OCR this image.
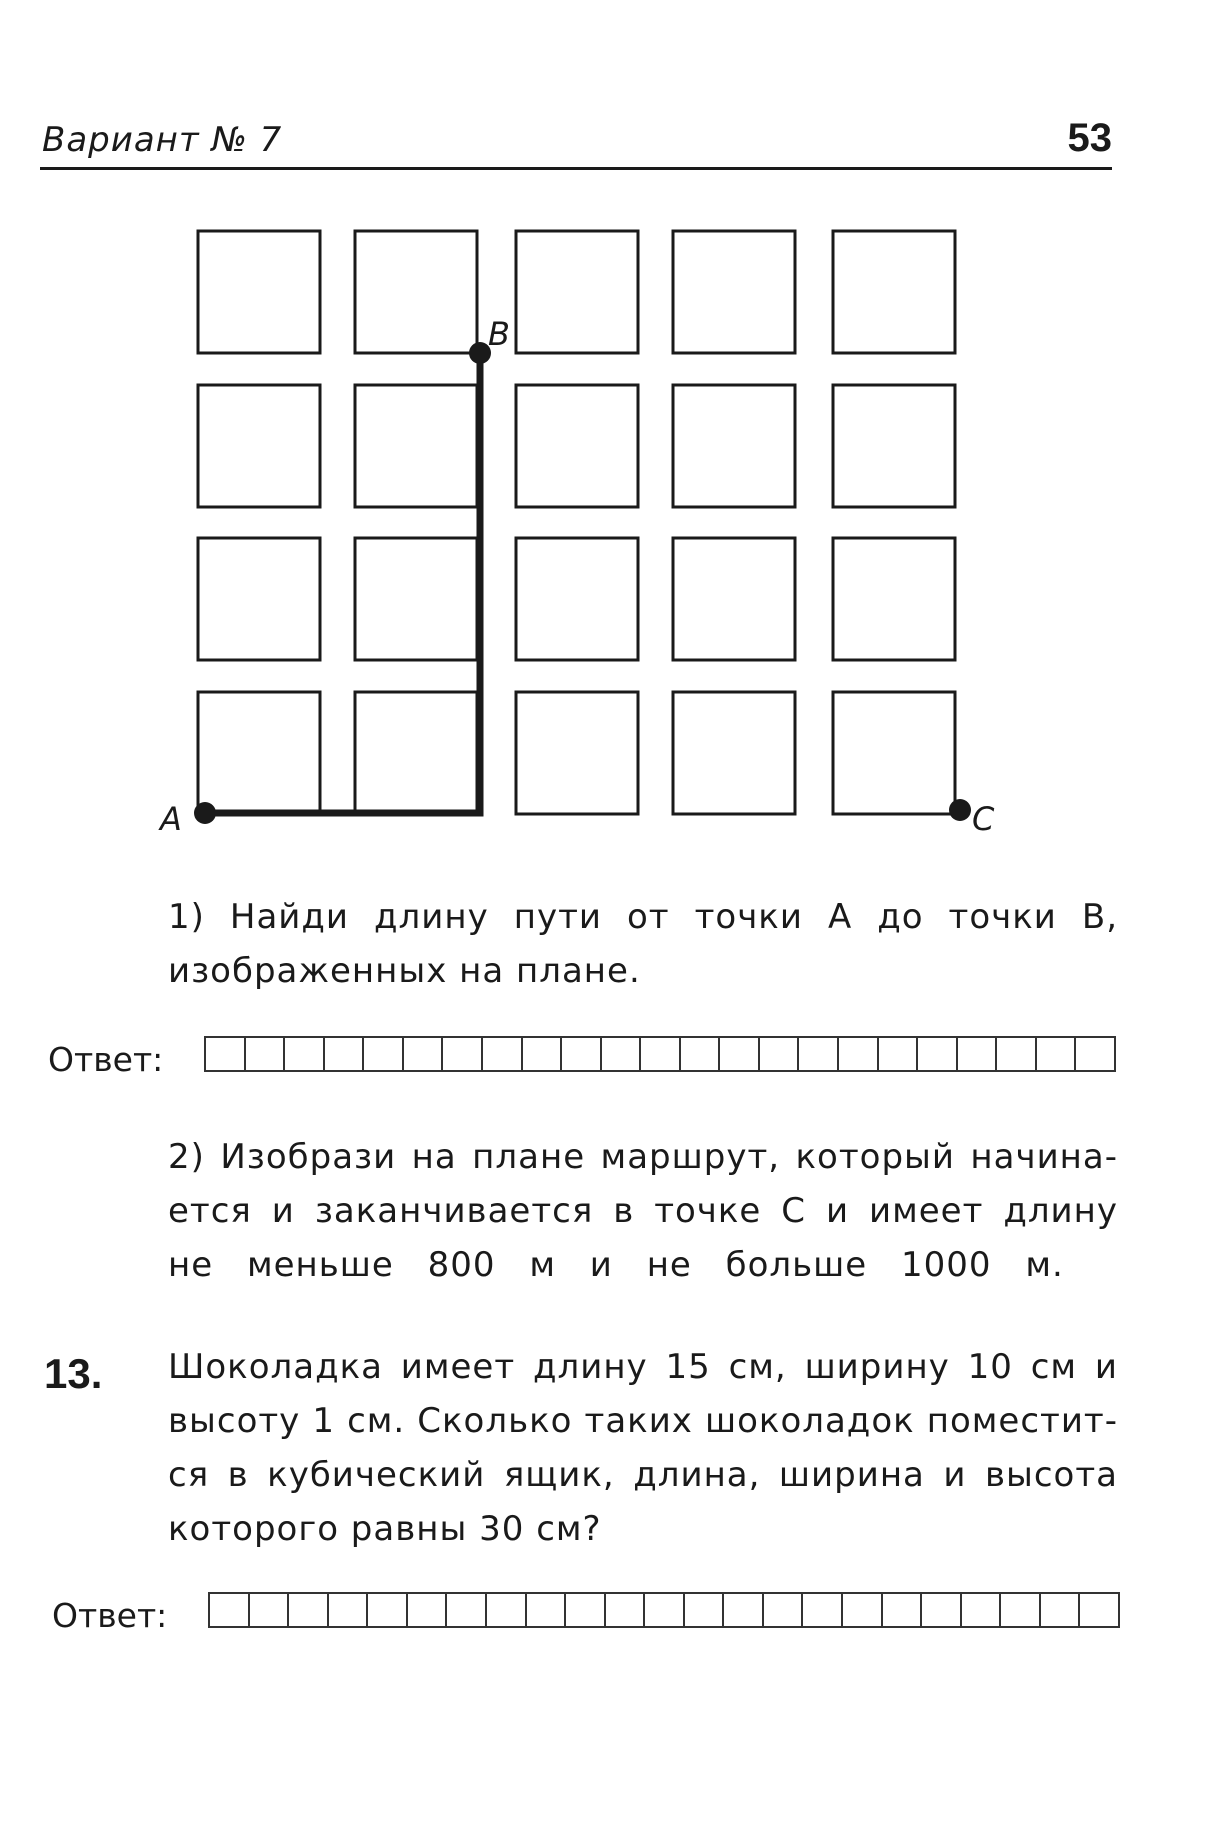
Вариант № 7	53
A
B
C
1) Найди длину пути от точки A до точки B,
изображенных на плане.
Ответ:
2) Изобрази на плане маршрут, который начина-
ется и заканчивается в точке C и имеет длину
не меньше 800 м и не больше 1000 м.
13. Шоколадка имеет длину 15 см, ширину 10 см и
высоту 1 см. Сколько таких шоколадок поместит-
ся в кубический ящик, длина, ширина и высота
которого равны 30 см?
Ответ:
